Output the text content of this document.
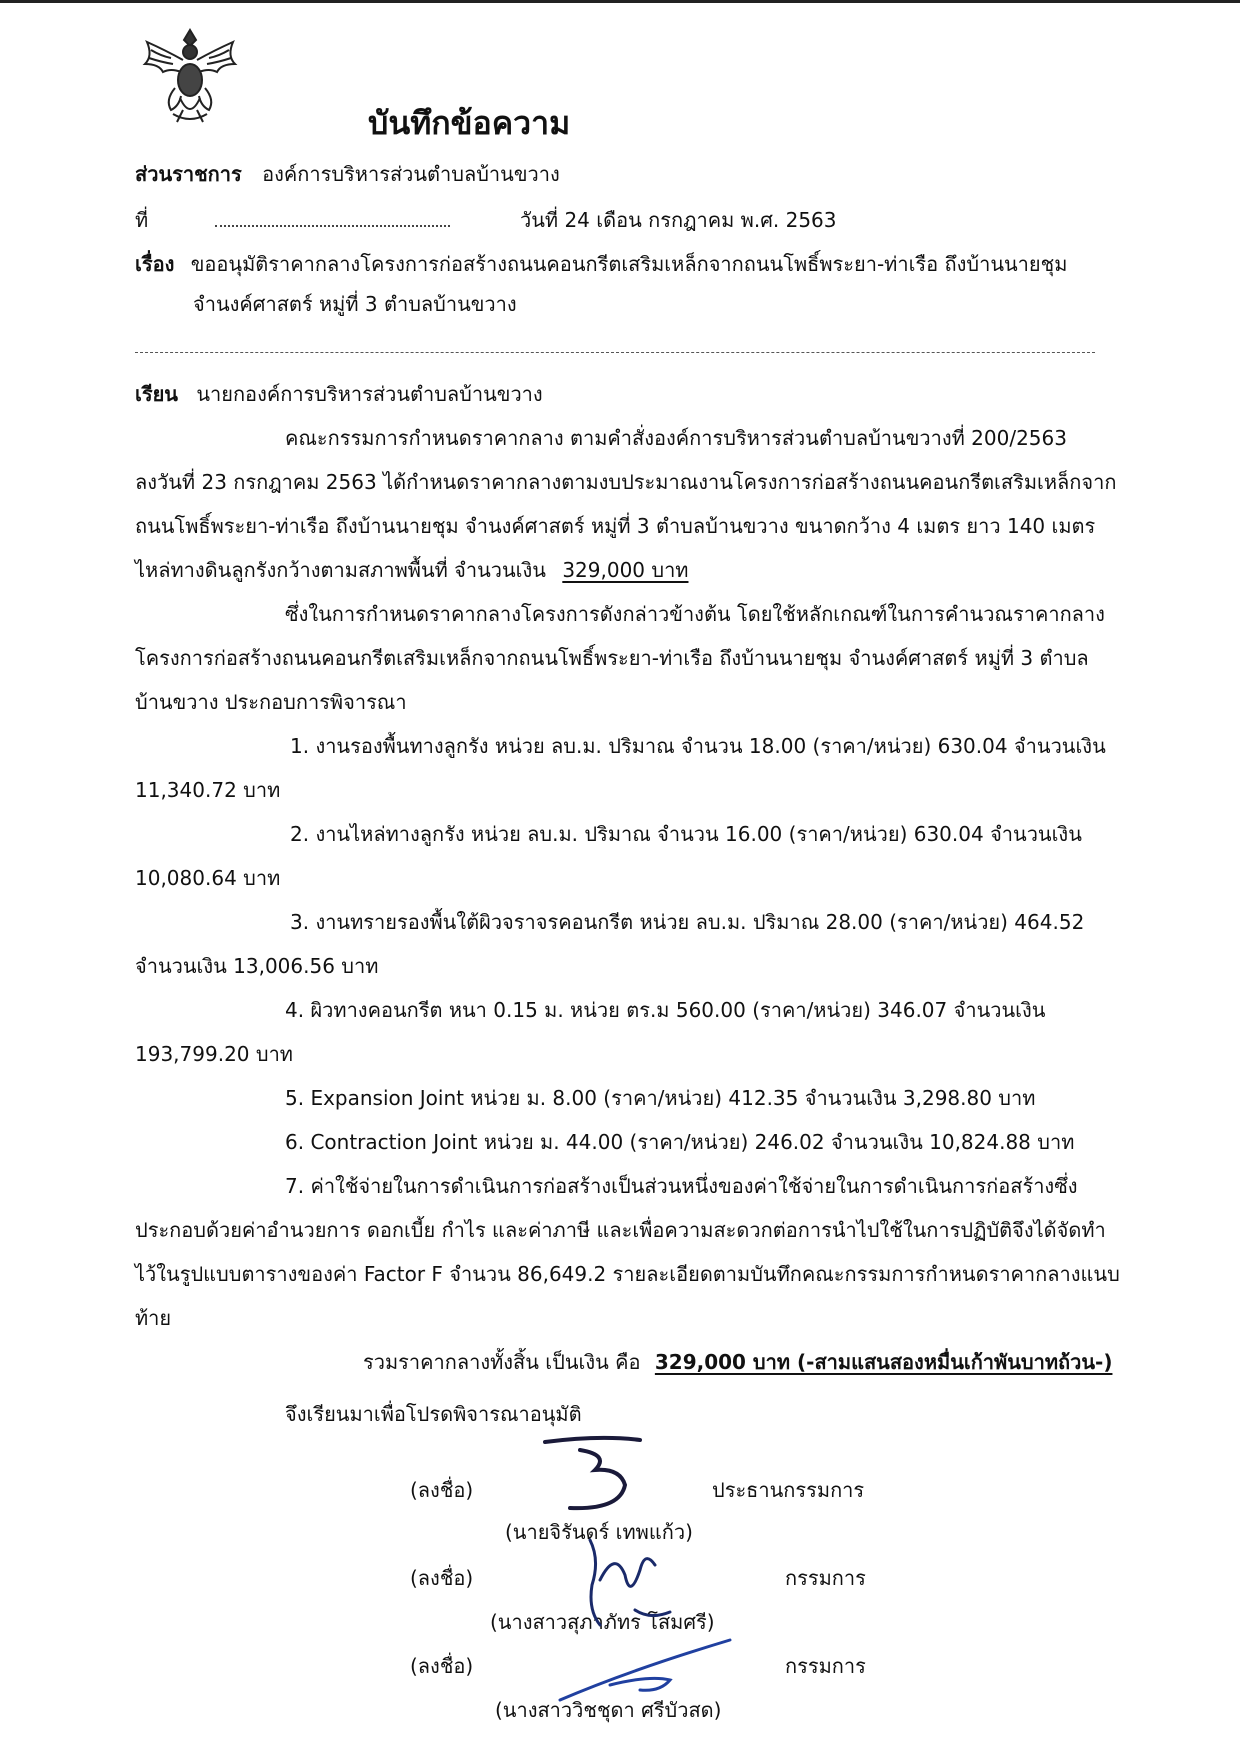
บันทึกข้อความ
ส่วนราชการ องค์การบริหารส่วนตำบลบ้านขวาง
ที่	วันที่ 24 เดือน กรกฎาคม พ.ศ. 2563
เรื่อง ขออนุมัติราคากลางโครงการก่อสร้างถนนคอนกรีตเสริมเหล็กจากถนนโพธิ์พระยา-ท่าเรือ ถึงบ้านนายชุม
จำนงค์ศาสตร์ หมู่ที่ 3 ตำบลบ้านขวาง
เรียน นายกองค์การบริหารส่วนตำบลบ้านขวาง
คณะกรรมการกำหนดราคากลาง ตามคำสั่งองค์การบริหารส่วนตำบลบ้านขวางที่ 200/2563
ลงวันที่ 23 กรกฎาคม 2563 ได้กำหนดราคากลางตามงบประมาณงานโครงการก่อสร้างถนนคอนกรีตเสริมเหล็กจาก
ถนนโพธิ์พระยา-ท่าเรือ ถึงบ้านนายชุม จำนงค์ศาสตร์ หมู่ที่ 3 ตำบลบ้านขวาง ขนาดกว้าง 4 เมตร ยาว 140 เมตร
ไหล่ทางดินลูกรังกว้างตามสภาพพื้นที่ จำนวนเงิน 329,000 บาท
ซึ่งในการกำหนดราคากลางโครงการดังกล่าวข้างต้น โดยใช้หลักเกณฑ์ในการคำนวณราคากลาง
โครงการก่อสร้างถนนคอนกรีตเสริมเหล็กจากถนนโพธิ์พระยา-ท่าเรือ ถึงบ้านนายชุม จำนงค์ศาสตร์ หมู่ที่ 3 ตำบล
บ้านขวาง ประกอบการพิจารณา
1. งานรองพื้นทางลูกรัง หน่วย ลบ.ม. ปริมาณ จำนวน 18.00 (ราคา/หน่วย) 630.04 จำนวนเงิน
11,340.72 บาท
2. งานไหล่ทางลูกรัง หน่วย ลบ.ม. ปริมาณ จำนวน 16.00 (ราคา/หน่วย) 630.04 จำนวนเงิน
10,080.64 บาท
3. งานทรายรองพื้นใต้ผิวจราจรคอนกรีต หน่วย ลบ.ม. ปริมาณ 28.00 (ราคา/หน่วย) 464.52
จำนวนเงิน 13,006.56 บาท
4. ผิวทางคอนกรีต หนา 0.15 ม. หน่วย ตร.ม 560.00 (ราคา/หน่วย) 346.07 จำนวนเงิน
193,799.20 บาท
5. Expansion Joint หน่วย ม. 8.00 (ราคา/หน่วย) 412.35 จำนวนเงิน 3,298.80 บาท
6. Contraction Joint หน่วย ม. 44.00 (ราคา/หน่วย) 246.02 จำนวนเงิน 10,824.88 บาท
7. ค่าใช้จ่ายในการดำเนินการก่อสร้างเป็นส่วนหนึ่งของค่าใช้จ่ายในการดำเนินการก่อสร้างซึ่ง
ประกอบด้วยค่าอำนวยการ ดอกเบี้ย กำไร และค่าภาษี และเพื่อความสะดวกต่อการนำไปใช้ในการปฏิบัติจึงได้จัดทำ
ไว้ในรูปแบบตารางของค่า Factor F จำนวน 86,649.2 รายละเอียดตามบันทึกคณะกรรมการกำหนดราคากลางแนบ
ท้าย
รวมราคากลางทั้งสิ้น เป็นเงิน คือ 329,000 บาท (-สามแสนสองหมื่นเก้าพันบาทถ้วน-)
จึงเรียนมาเพื่อโปรดพิจารณาอนุมัติ
(ลงชื่อ)	ประธานกรรมการ
(นายจิรันดร์ เทพแก้ว)
(ลงชื่อ)	กรรมการ
(นางสาวสุภาภัทร โสมศรี)
(ลงชื่อ)	กรรมการ
(นางสาววิชชุดา ศรีบัวสด)
